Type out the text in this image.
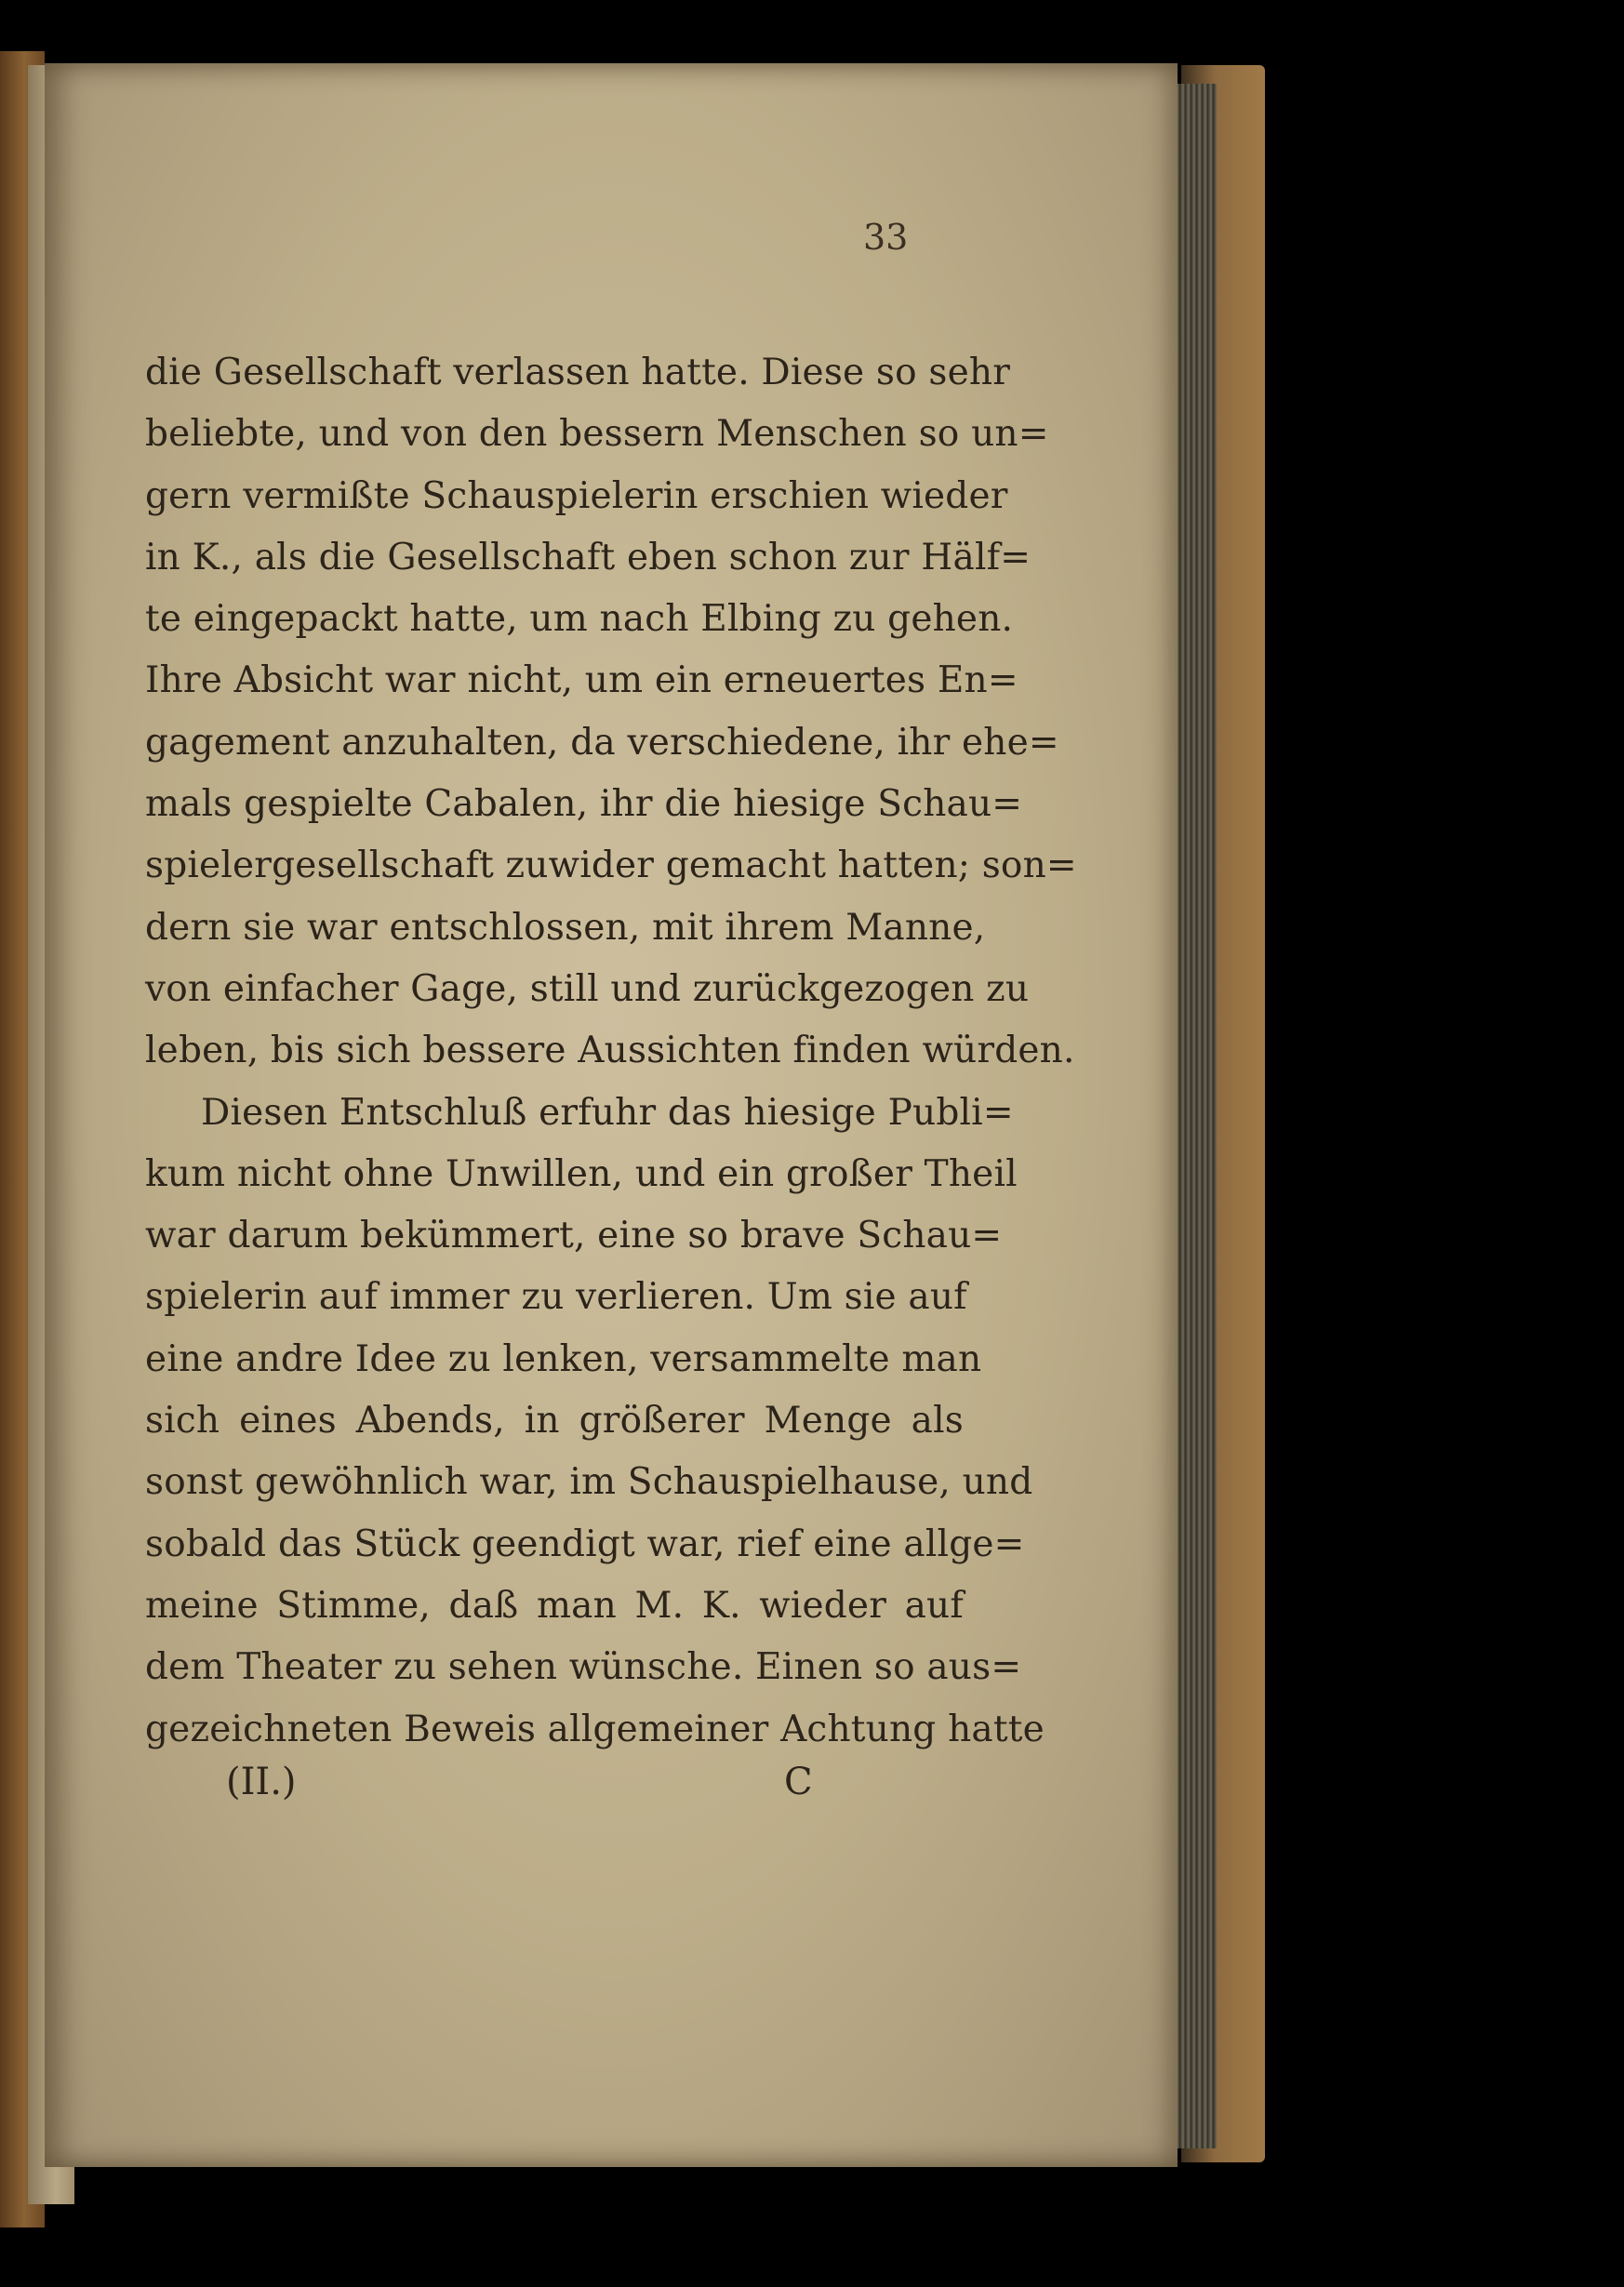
33
die Gesellschaft verlassen hatte. Diese so sehr
beliebte, und von den bessern Menschen so un=
gern vermißte Schauspielerin erschien wieder
in K., als die Gesellschaft eben schon zur Hälf=
te eingepackt hatte, um nach Elbing zu gehen.
Ihre Absicht war nicht, um ein erneuertes En=
gagement anzuhalten, da verschiedene, ihr ehe=
mals gespielte Cabalen, ihr die hiesige Schau=
spielergesellschaft zuwider gemacht hatten; son=
dern sie war entschlossen, mit ihrem Manne,
von einfacher Gage, still und zurückgezogen zu
leben, bis sich bessere Aussichten finden würden.
Diesen Entschluß erfuhr das hiesige Publi=
kum nicht ohne Unwillen, und ein großer Theil
war darum bekümmert, eine so brave Schau=
spielerin auf immer zu verlieren. Um sie auf
eine andre Idee zu lenken, versammelte man
sich eines Abends, in größerer Menge als
sonst gewöhnlich war, im Schauspielhause, und
sobald das Stück geendigt war, rief eine allge=
meine Stimme, daß man M. K. wieder auf
dem Theater zu sehen wünsche. Einen so aus=
gezeichneten Beweis allgemeiner Achtung hatte
(II.)	C
